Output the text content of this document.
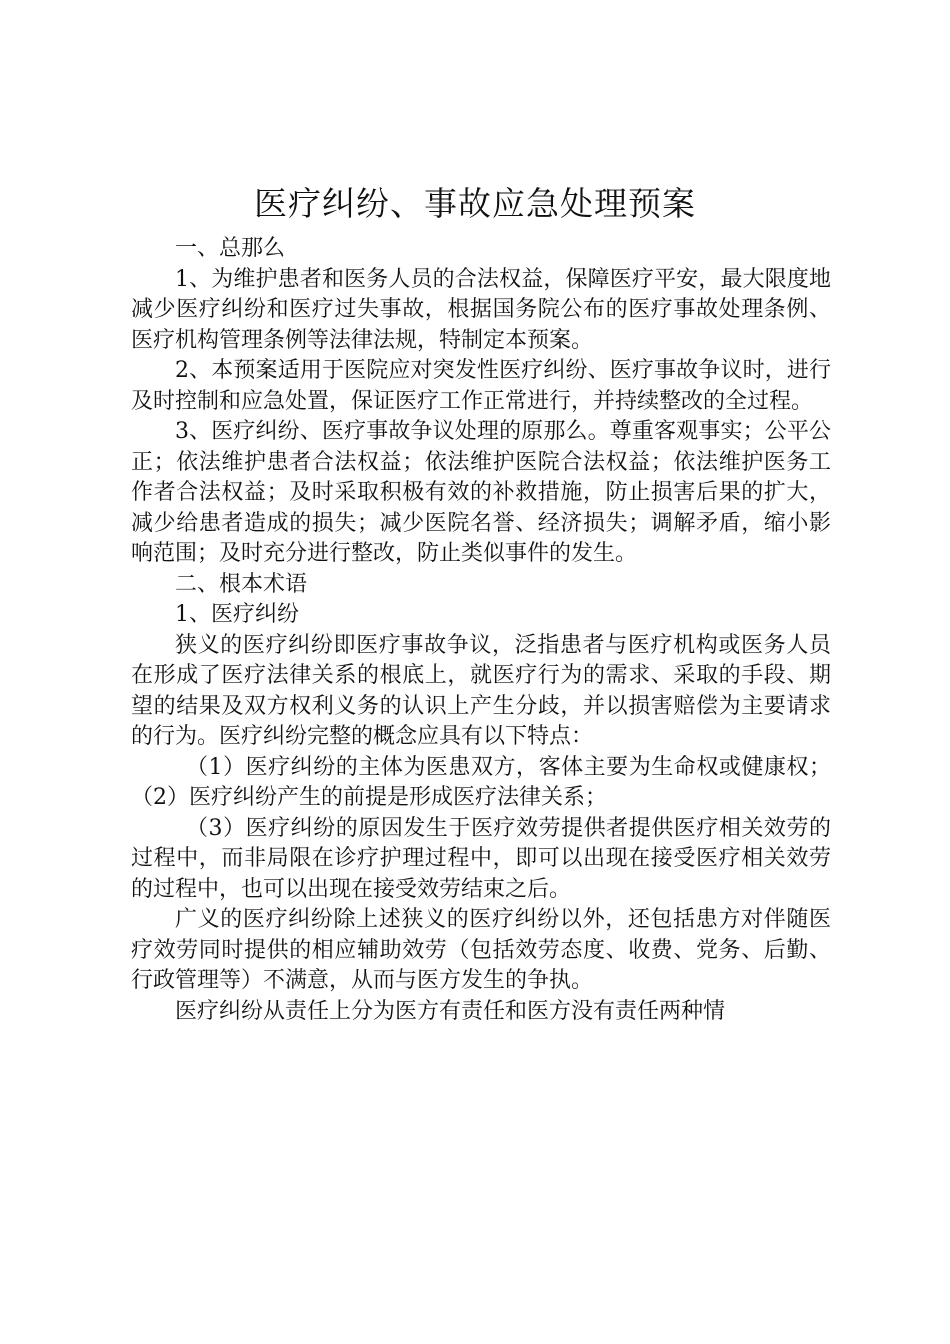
医疗纠纷、事故应急处理预案

一、总那么

1、为维护患者和医务人员的合法权益，保障医疗平安，最大限度地减少医疗纠纷和医疗过失事故，根据国务院公布的医疗事故处理条例、医疗机构管理条例等法律法规，特制定本预案。

2、本预案适用于医院应对突发性医疗纠纷、医疗事故争议时，进行及时控制和应急处置，保证医疗工作正常进行，并持续整改的全过程。

3、医疗纠纷、医疗事故争议处理的原那么。尊重客观事实；公平公正；依法维护患者合法权益；依法维护医院合法权益；依法维护医务工作者合法权益；及时采取积极有效的补救措施，防止损害后果的扩大，减少给患者造成的损失；减少医院名誉、经济损失；调解矛盾，缩小影响范围；及时充分进行整改，防止类似事件的发生。

二、根本术语

1、医疗纠纷

狭义的医疗纠纷即医疗事故争议，泛指患者与医疗机构或医务人员在形成了医疗法律关系的根底上，就医疗行为的需求、采取的手段、期望的结果及双方权利义务的认识上产生分歧，并以损害赔偿为主要请求的行为。医疗纠纷完整的概念应具有以下特点：

（1）医疗纠纷的主体为医患双方，客体主要为生命权或健康权；（2）医疗纠纷产生的前提是形成医疗法律关系；

（3）医疗纠纷的原因发生于医疗效劳提供者提供医疗相关效劳的过程中，而非局限在诊疗护理过程中，即可以出现在接受医疗相关效劳的过程中，也可以出现在接受效劳结束之后。

广义的医疗纠纷除上述狭义的医疗纠纷以外，还包括患方对伴随医疗效劳同时提供的相应辅助效劳（包括效劳态度、收费、党务、后勤、行政管理等）不满意，从而与医方发生的争执。

医疗纠纷从责任上分为医方有责任和医方没有责任两种情
